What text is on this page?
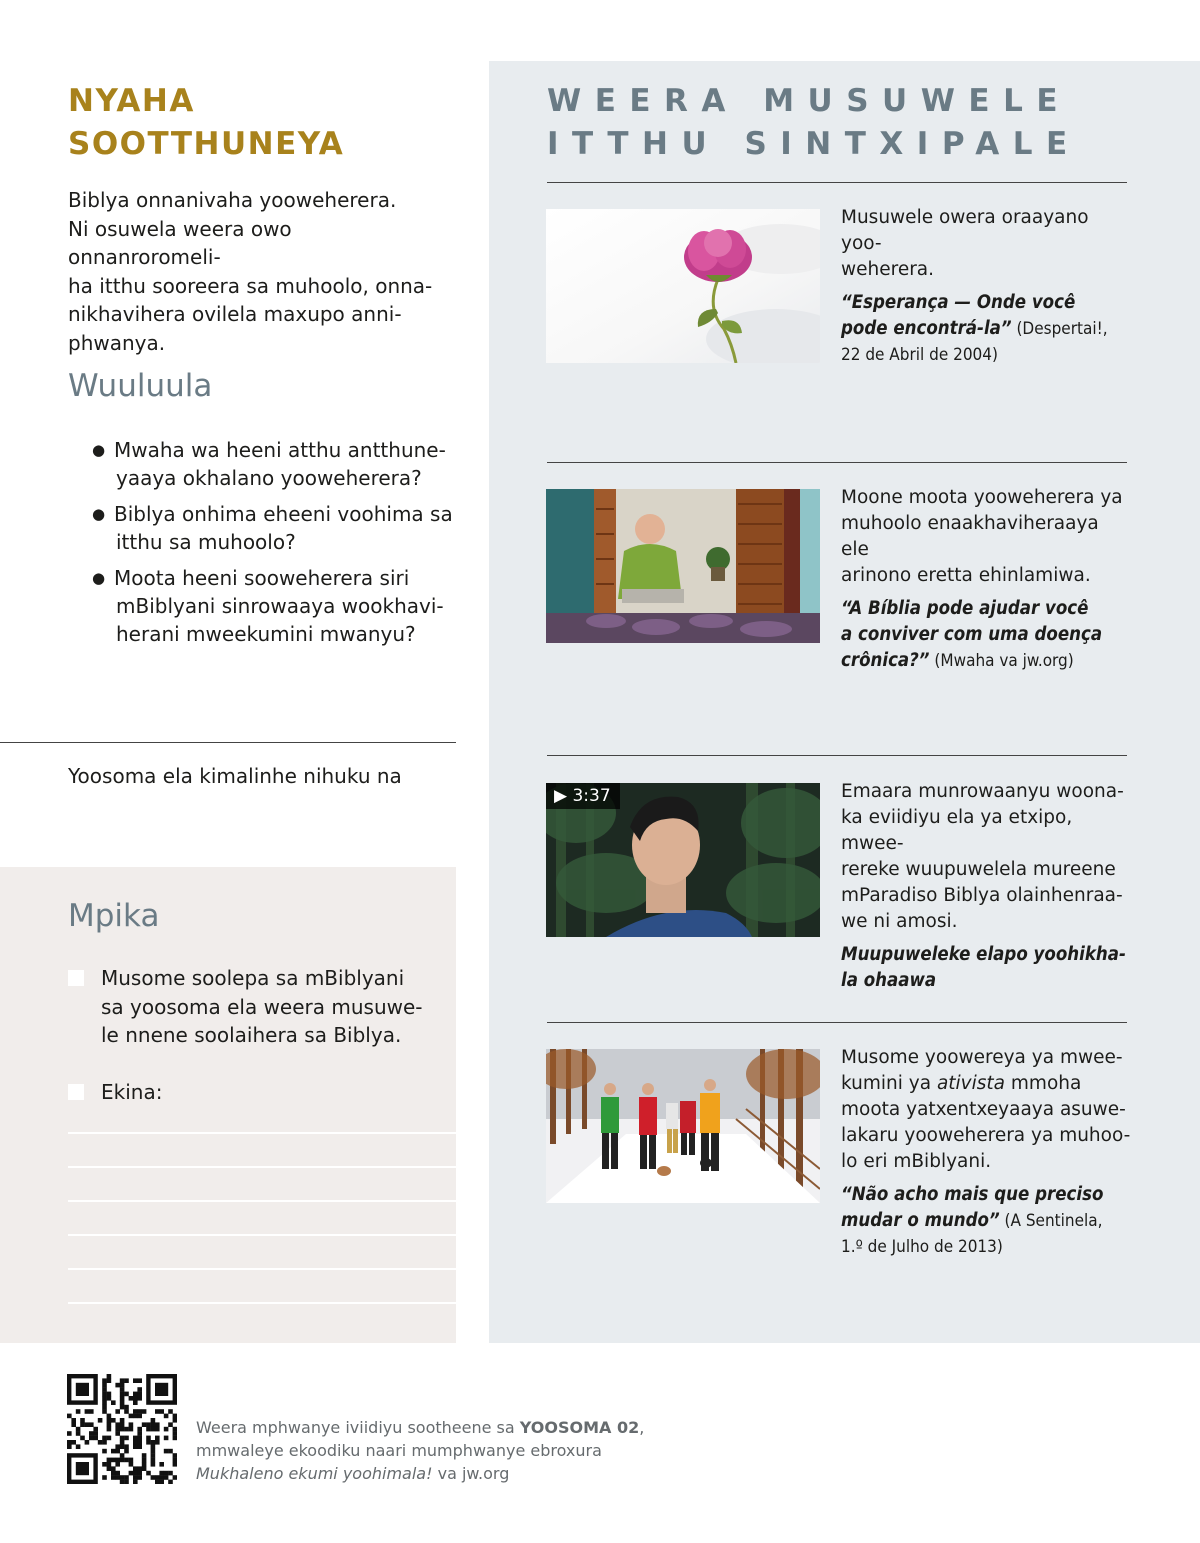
NYAHA
SOOTTHUNEYA

Biblya onnanivaha yooweherera.
Ni osuwela weera owo onnanroromeli-
ha itthu sooreera sa muhoolo, onna-
nikhavihera ovilela maxupo anni-
phwanya.

Wuuluula
● Mwaha wa heeni atthu antthune-
yaaya okhalano yooweherera?
● Biblya onhima eheeni voohima sa
itthu sa muhoolo?
● Moota heeni sooweherera siri
mBiblyani sinrowaaya wookhavi-
herani mweekumini mwanyu?

Yoosoma ela kimalinhe nihuku na

Mpika
Musome soolepa sa mBiblyani
sa yoosoma ela weera musuwe-
le nnene soolaihera sa Biblya.
Ekina:
WEERA MUSUWELE
ITTHU SINTXIPALE
Musuwele owera oraayano yoo-
weherera.
“Esperança — Onde você
pode encontrá-la” (Despertai!,
22 de Abril de 2004)
Moone moota yooweherera ya
muhoolo enaakhaviheraaya ele
arinono eretta ehinlamiwa.
“A Bíblia pode ajudar você
a conviver com uma doença
crônica?” (Mwaha va jw.org)
▶ 3:37	Emaara munrowaanyu woona-
ka eviidiyu ela ya etxipo, mwee-
rereke wuupuwelela mureene
mParadiso Biblya olainhenraa-
we ni amosi.
Muupuweleke elapo yoohikha-
la ohaawa
Musome yoowereya ya mwee-
kumini ya ativista mmoha
moota yatxentxeyaaya asuwe-
lakaru yooweherera ya muhoo-
lo eri mBiblyani.
“Não acho mais que preciso
mudar o mundo” (A Sentinela,
1.º de Julho de 2013)

Weera mphwanye iviidiyu sootheene sa YOOSOMA 02,
mmwaleye ekoodiku naari mumphwanye ebroxura
Mukhaleno ekumi yoohimala! va jw.org
